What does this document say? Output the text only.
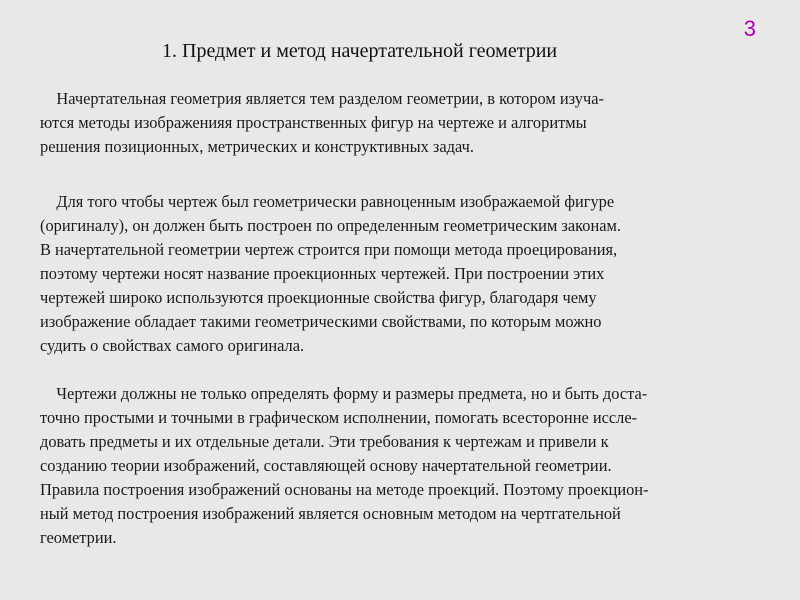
3
1. Предмет и метод начертательной геометрии
Начертательная геометрия является тем разделом геометрии, в котором изуча-
ются методы изображенияя пространственных фигур на чертеже и алгоритмы
решения позиционных, метрических и конструктивных задач.
Для того чтобы чертеж был геометрически равноценным изображаемой фигуре
(оригиналу), он должен быть построен по определенным геометрическим законам.
В начертательной геометрии чертеж строится при помощи метода проецирования,
поэтому чертежи носят название проекционных чертежей. При построении этих
чертежей широко используются проекционные свойства фигур, благодаря чему
изображение обладает такими геометрическими свойствами, по которым можно
судить о свойствах самого оригинала.
Чертежи должны не только определять форму и размеры предмета, но и быть доста-
точно простыми и точными в графическом исполнении, помогать всесторонне иссле-
довать предметы и их отдельные детали. Эти требования к чертежам и привели к
созданию теории изображений, составляющей основу начертательной геометрии.
Правила построения изображений основаны на методе проекций. Поэтому проекцион-
ный метод построения изображений является основным методом на чертгательной
геометрии.
